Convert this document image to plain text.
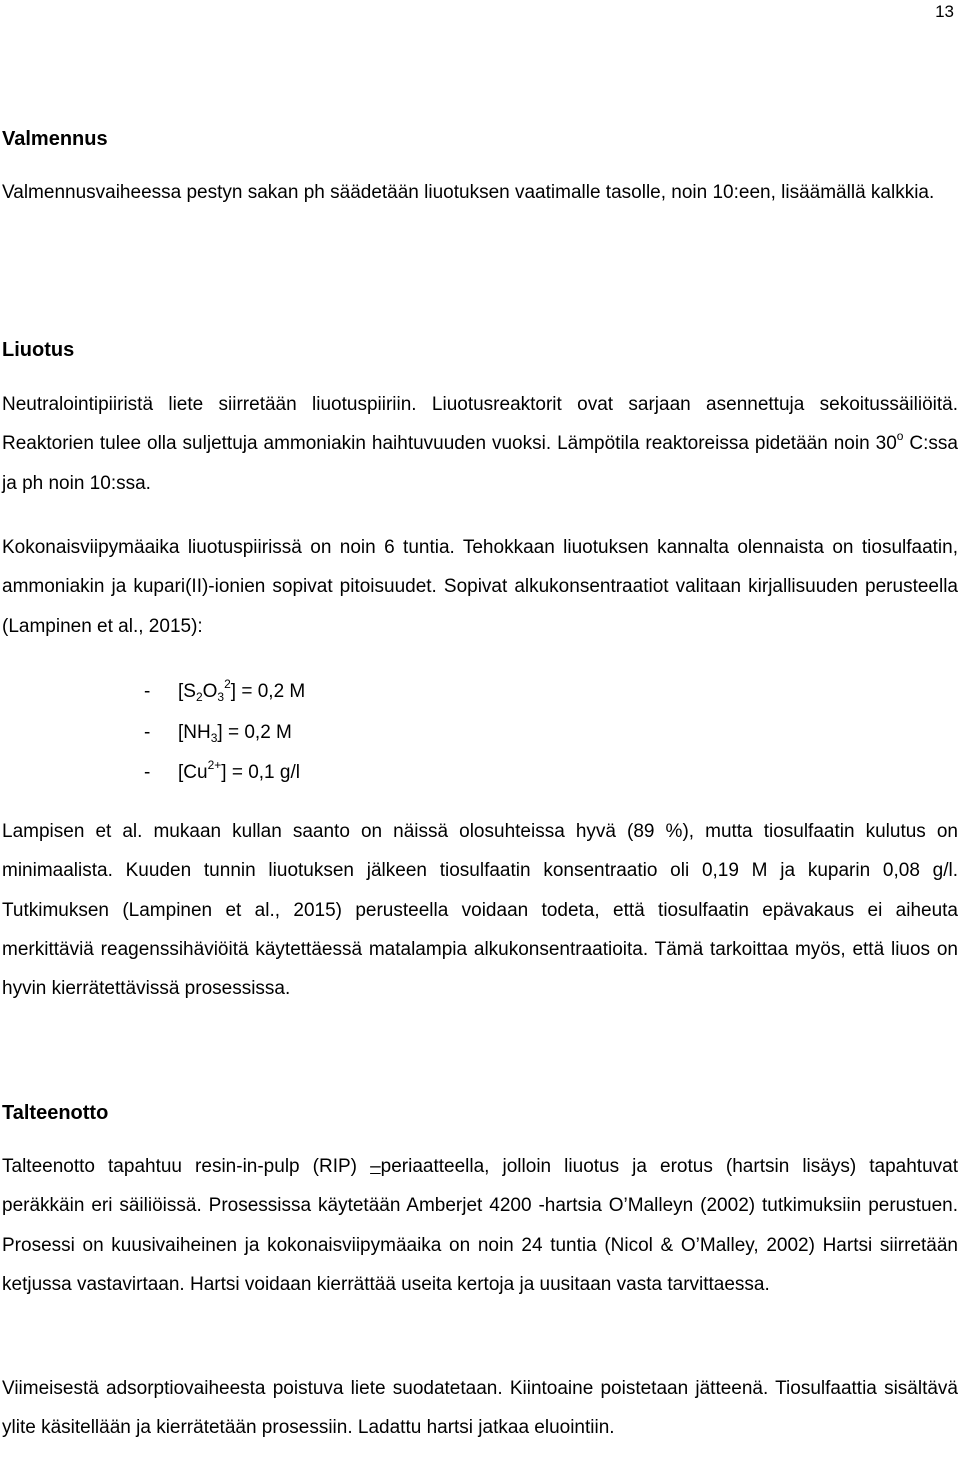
13
Valmennus

Valmennusvaiheessa pestyn sakan ph säädetään liuotuksen vaatimalle tasolle, noin 10:een, lisäämällä kalkkia.

Liuotus

Neutralointipiiristä liete siirretään liuotuspiiriin. Liuotusreaktorit ovat sarjaan asennettuja sekoitussäiliöitä. Reaktorien tulee olla suljettuja ammoniakin haihtuvuuden vuoksi. Lämpötila reaktoreissa pidetään noin 30$^o$ C:ssa ja ph noin 10:ssa.

Kokonaisviipymäaika liuotuspiirissä on noin 6 tuntia. Tehokkaan liuotuksen kannalta olennaista on tiosulfaatin, ammoniakin ja kupari(II)-ionien sopivat pitoisuudet. Sopivat alkukonsentraatiot valitaan kirjallisuuden perusteella (Lampinen et al., 2015):

- $[S_2O_3^2] = 0,2$ M
- $[NH_3] = 0,2$ M
- $[Cu^{2+}] = 0,1$ g/l

Lampisen et al. mukaan kullan saanto on näissä olosuhteissa hyvä (89 %), mutta tiosulfaatin kulutus on minimaalista. Kuuden tunnin liuotuksen jälkeen tiosulfaatin konsentraatio oli 0,19 M ja kuparin 0,08 g/l. Tutkimuksen (Lampinen et al., 2015) perusteella voidaan todeta, että tiosulfaatin epävakaus ei aiheuta merkittäviä reagenssihäviöitä käytettäessä matalampia alkukonsentraatioita. Tämä tarkoittaa myös, että liuos on hyvin kierrätettävissä prosessissa.

Talteenotto

Talteenotto tapahtuu resin-in-pulp (RIP) –periaatteella, jolloin liuotus ja erotus (hartsin lisäys) tapahtuvat peräkkäin eri säiliöissä. Prosessissa käytetään Amberjet 4200 -hartsia O’Malleyn (2002) tutkimuksiin perustuen. Prosessi on kuusivaiheinen ja kokonaisviipymäaika on noin 24 tuntia (Nicol & O’Malley, 2002) Hartsi siirretään ketjussa vastavirtaan. Hartsi voidaan kierrättää useita kertoja ja uusitaan vasta tarvittaessa.

Viimeisestä adsorptiovaiheesta poistuva liete suodatetaan. Kiintoaine poistetaan jätteenä. Tiosulfaattia sisältävä ylite käsitellään ja kierrätetään prosessiin. Ladattu hartsi jatkaa eluointiin.
